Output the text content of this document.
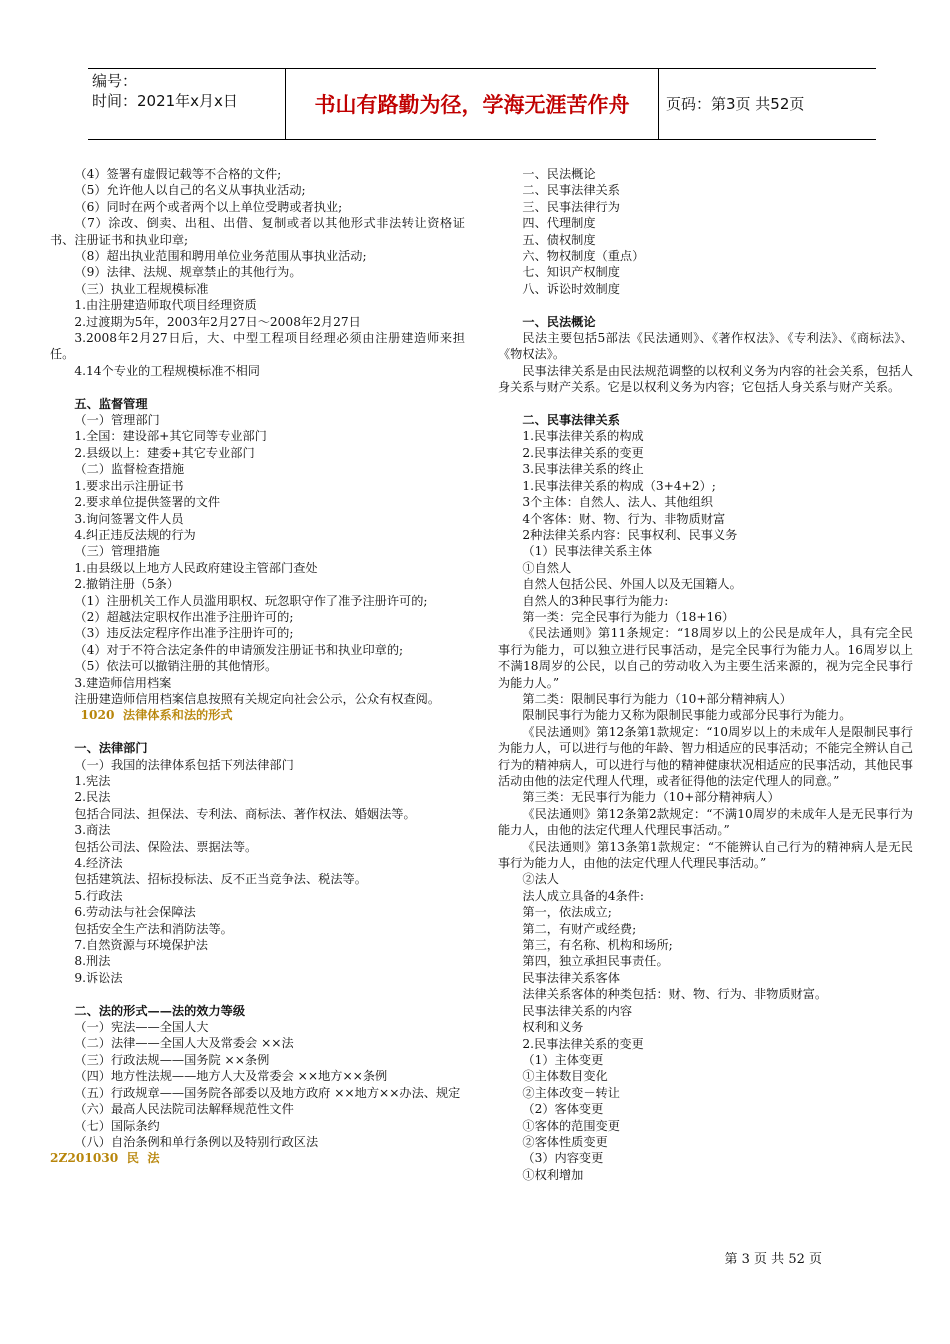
编号：
时间：2021年x月x日	书山有路勤为径，学海无涯苦作舟	页码：第3页 共52页
（4）签署有虚假记载等不合格的文件;
（5）允许他人以自己的名义从事执业活动;
（6）同时在两个或者两个以上单位受聘或者执业;
（7）涂改、倒卖、出租、出借、复制或者以其他形式非法转让资格证书、注册证书和执业印章;
（8）超出执业范围和聘用单位业务范围从事执业活动;
（9）法律、法规、规章禁止的其他行为。
（三）执业工程规模标准
1.由注册建造师取代项目经理资质
2.过渡期为5年，2003年2月27日～2008年2月27日
3.2008年2月27日后，大、中型工程项目经理必须由注册建造师来担任。
4.14个专业的工程规模标准不相同
五、监督管理
（一）管理部门
1.全国：建设部+其它同等专业部门
2.县级以上：建委+其它专业部门
（二）监督检查措施
1.要求出示注册证书
2.要求单位提供签署的文件
3.询问签署文件人员
4.纠正违反法规的行为
（三）管理措施
1.由县级以上地方人民政府建设主管部门查处
2.撤销注册（5条）
（1）注册机关工作人员滥用职权、玩忽职守作了准予注册许可的;
（2）超越法定职权作出准予注册许可的;
（3）违反法定程序作出准予注册许可的;
（4）对于不符合法定条件的申请颁发注册证书和执业印章的;
（5）依法可以撤销注册的其他情形。
3.建造师信用档案
注册建造师信用档案信息按照有关规定向社会公示，公众有权查阅。
1020  法律体系和法的形式
一、法律部门
（一）我国的法律体系包括下列法律部门
1.宪法
2.民法
包括合同法、担保法、专利法、商标法、著作权法、婚姻法等。
3.商法
包括公司法、保险法、票据法等。
4.经济法
包括建筑法、招标投标法、反不正当竞争法、税法等。
5.行政法
6.劳动法与社会保障法
包括安全生产法和消防法等。
7.自然资源与环境保护法
8.刑法
9.诉讼法
二、法的形式——法的效力等级
（一）宪法——全国人大
（二）法律——全国人大及常委会 ××法
（三）行政法规——国务院 ××条例
（四）地方性法规——地方人大及常委会 ××地方××条例
（五）行政规章——国务院各部委以及地方政府 ××地方××办法、规定
（六）最高人民法院司法解释规范性文件
（七）国际条约
（八）自治条例和单行条例以及特别行政区法
2Z201030  民  法
一、民法概论
二、民事法律关系
三、民事法律行为
四、代理制度
五、债权制度
六、物权制度（重点）
七、知识产权制度
八、诉讼时效制度
一、民法概论
民法主要包括5部法《民法通则》、《著作权法》、《专利法》、《商标法》、《物权法》。
民事法律关系是由民法规范调整的以权利义务为内容的社会关系，包括人身关系与财产关系。它是以权利义务为内容；它包括人身关系与财产关系。
二、民事法律关系
1.民事法律关系的构成
2.民事法律关系的变更
3.民事法律关系的终止
1.民事法律关系的构成（3+4+2）;
3个主体：自然人、法人、其他组织
4个客体：财、物、行为、非物质财富
2种法律关系内容：民事权利、民事义务
（1）民事法律关系主体
①自然人
自然人包括公民、外国人以及无国籍人。
自然人的3种民事行为能力:
第一类：完全民事行为能力（18+16）
《民法通则》第11条规定：“18周岁以上的公民是成年人，具有完全民事行为能力，可以独立进行民事活动，是完全民事行为能力人。16周岁以上不满18周岁的公民，以自己的劳动收入为主要生活来源的，视为完全民事行为能力人。”
第二类：限制民事行为能力（10+部分精神病人）
限制民事行为能力又称为限制民事能力或部分民事行为能力。
《民法通则》第12条第1款规定：“10周岁以上的未成年人是限制民事行为能力人，可以进行与他的年龄、智力相适应的民事活动；不能完全辨认自己行为的精神病人，可以进行与他的精神健康状况相适应的民事活动，其他民事活动由他的法定代理人代理，或者征得他的法定代理人的同意。”
第三类：无民事行为能力（10+部分精神病人）
《民法通则》第12条第2款规定：“不满10周岁的未成年人是无民事行为能力人，由他的法定代理人代理民事活动。”
《民法通则》第13条第1款规定：“不能辨认自己行为的精神病人是无民事行为能力人，由他的法定代理人代理民事活动。”
②法人
法人成立具备的4条件:
第一，依法成立;
第二，有财产或经费;
第三，有名称、机构和场所;
第四，独立承担民事责任。
民事法律关系客体
法律关系客体的种类包括：财、物、行为、非物质财富。
民事法律关系的内容
权利和义务
2.民事法律关系的变更
（1）主体变更
①主体数目变化
②主体改变－转让
（2）客体变更
①客体的范围变更
②客体性质变更
（3）内容变更
①权利增加
第 3 页 共 52 页
